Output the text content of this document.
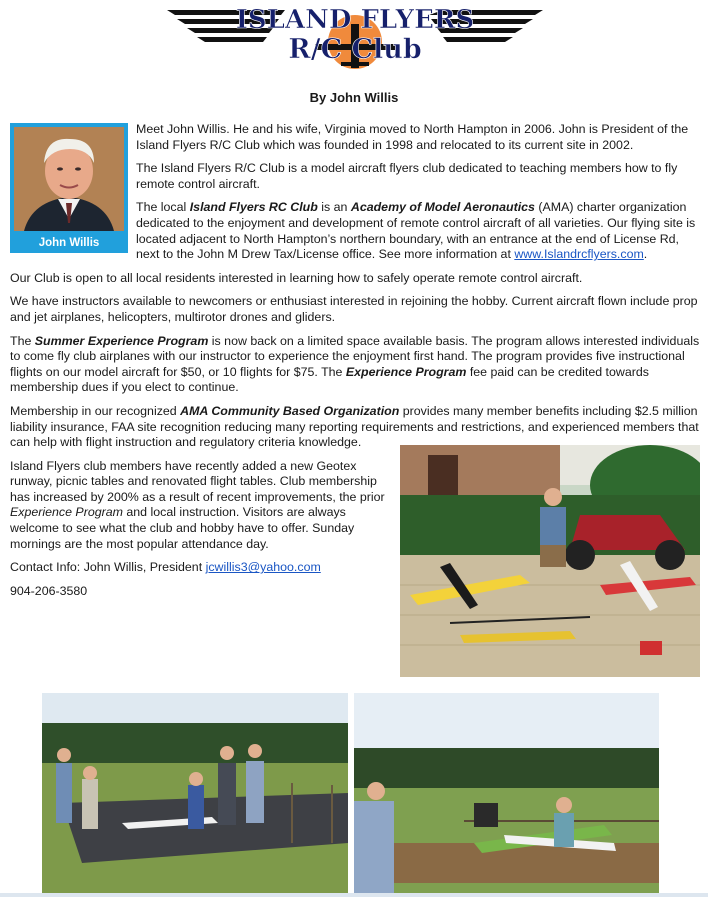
ISLAND FLYERS
R/C Club
By John Willis
John Willis

Meet John Willis. He and his wife, Virginia moved to North Hampton in 2006. John is President of the Island Flyers R/C Club which was founded in 1998 and relocated to its current site in 2002.

The Island Flyers R/C Club is a model aircraft flyers club dedicated to teaching members how to fly remote control aircraft.

The local Island Flyers RC Club is an Academy of Model Aeronautics (AMA) charter organization dedicated to the enjoyment and development of remote control aircraft of all varieties. Our flying site is located adjacent to North Hampton’s northern boundary, with an entrance at the end of License Rd, next to the John M Drew Tax/License office. See more information at www.Islandrcflyers.com.

Our Club is open to all local residents interested in learning how to safely operate remote control aircraft.

We have instructors available to newcomers or enthusiast interested in rejoining the hobby. Current aircraft flown include prop and jet airplanes, helicopters, multirotor drones and gliders.

The Summer Experience Program is now back on a limited space available basis. The program allows interested individuals to come fly club airplanes with our instructor to experience the enjoyment first hand. The program provides five instructional flights on our model aircraft for $50, or 10 flights for $75. The Experience Program fee paid can be credited towards membership dues if you elect to continue.

Membership in our recognized AMA Community Based Organization provides many member benefits including $2.5 million liability insurance, FAA site recognition reducing many reporting requirements and restrictions, and experienced members that can help with flight instruction and regulatory criteria knowledge.

Island Flyers club members have recently added a new Geotex runway, picnic tables and renovated flight tables. Club membership has increased by 200% as a result of recent improvements, the prior Experience Program and local instruction. Visitors are always welcome to see what the club and hobby have to offer. Sunday mornings are the most popular attendance day.

Contact Info: John Willis, President jcwillis3@yahoo.com

904-206-3580
